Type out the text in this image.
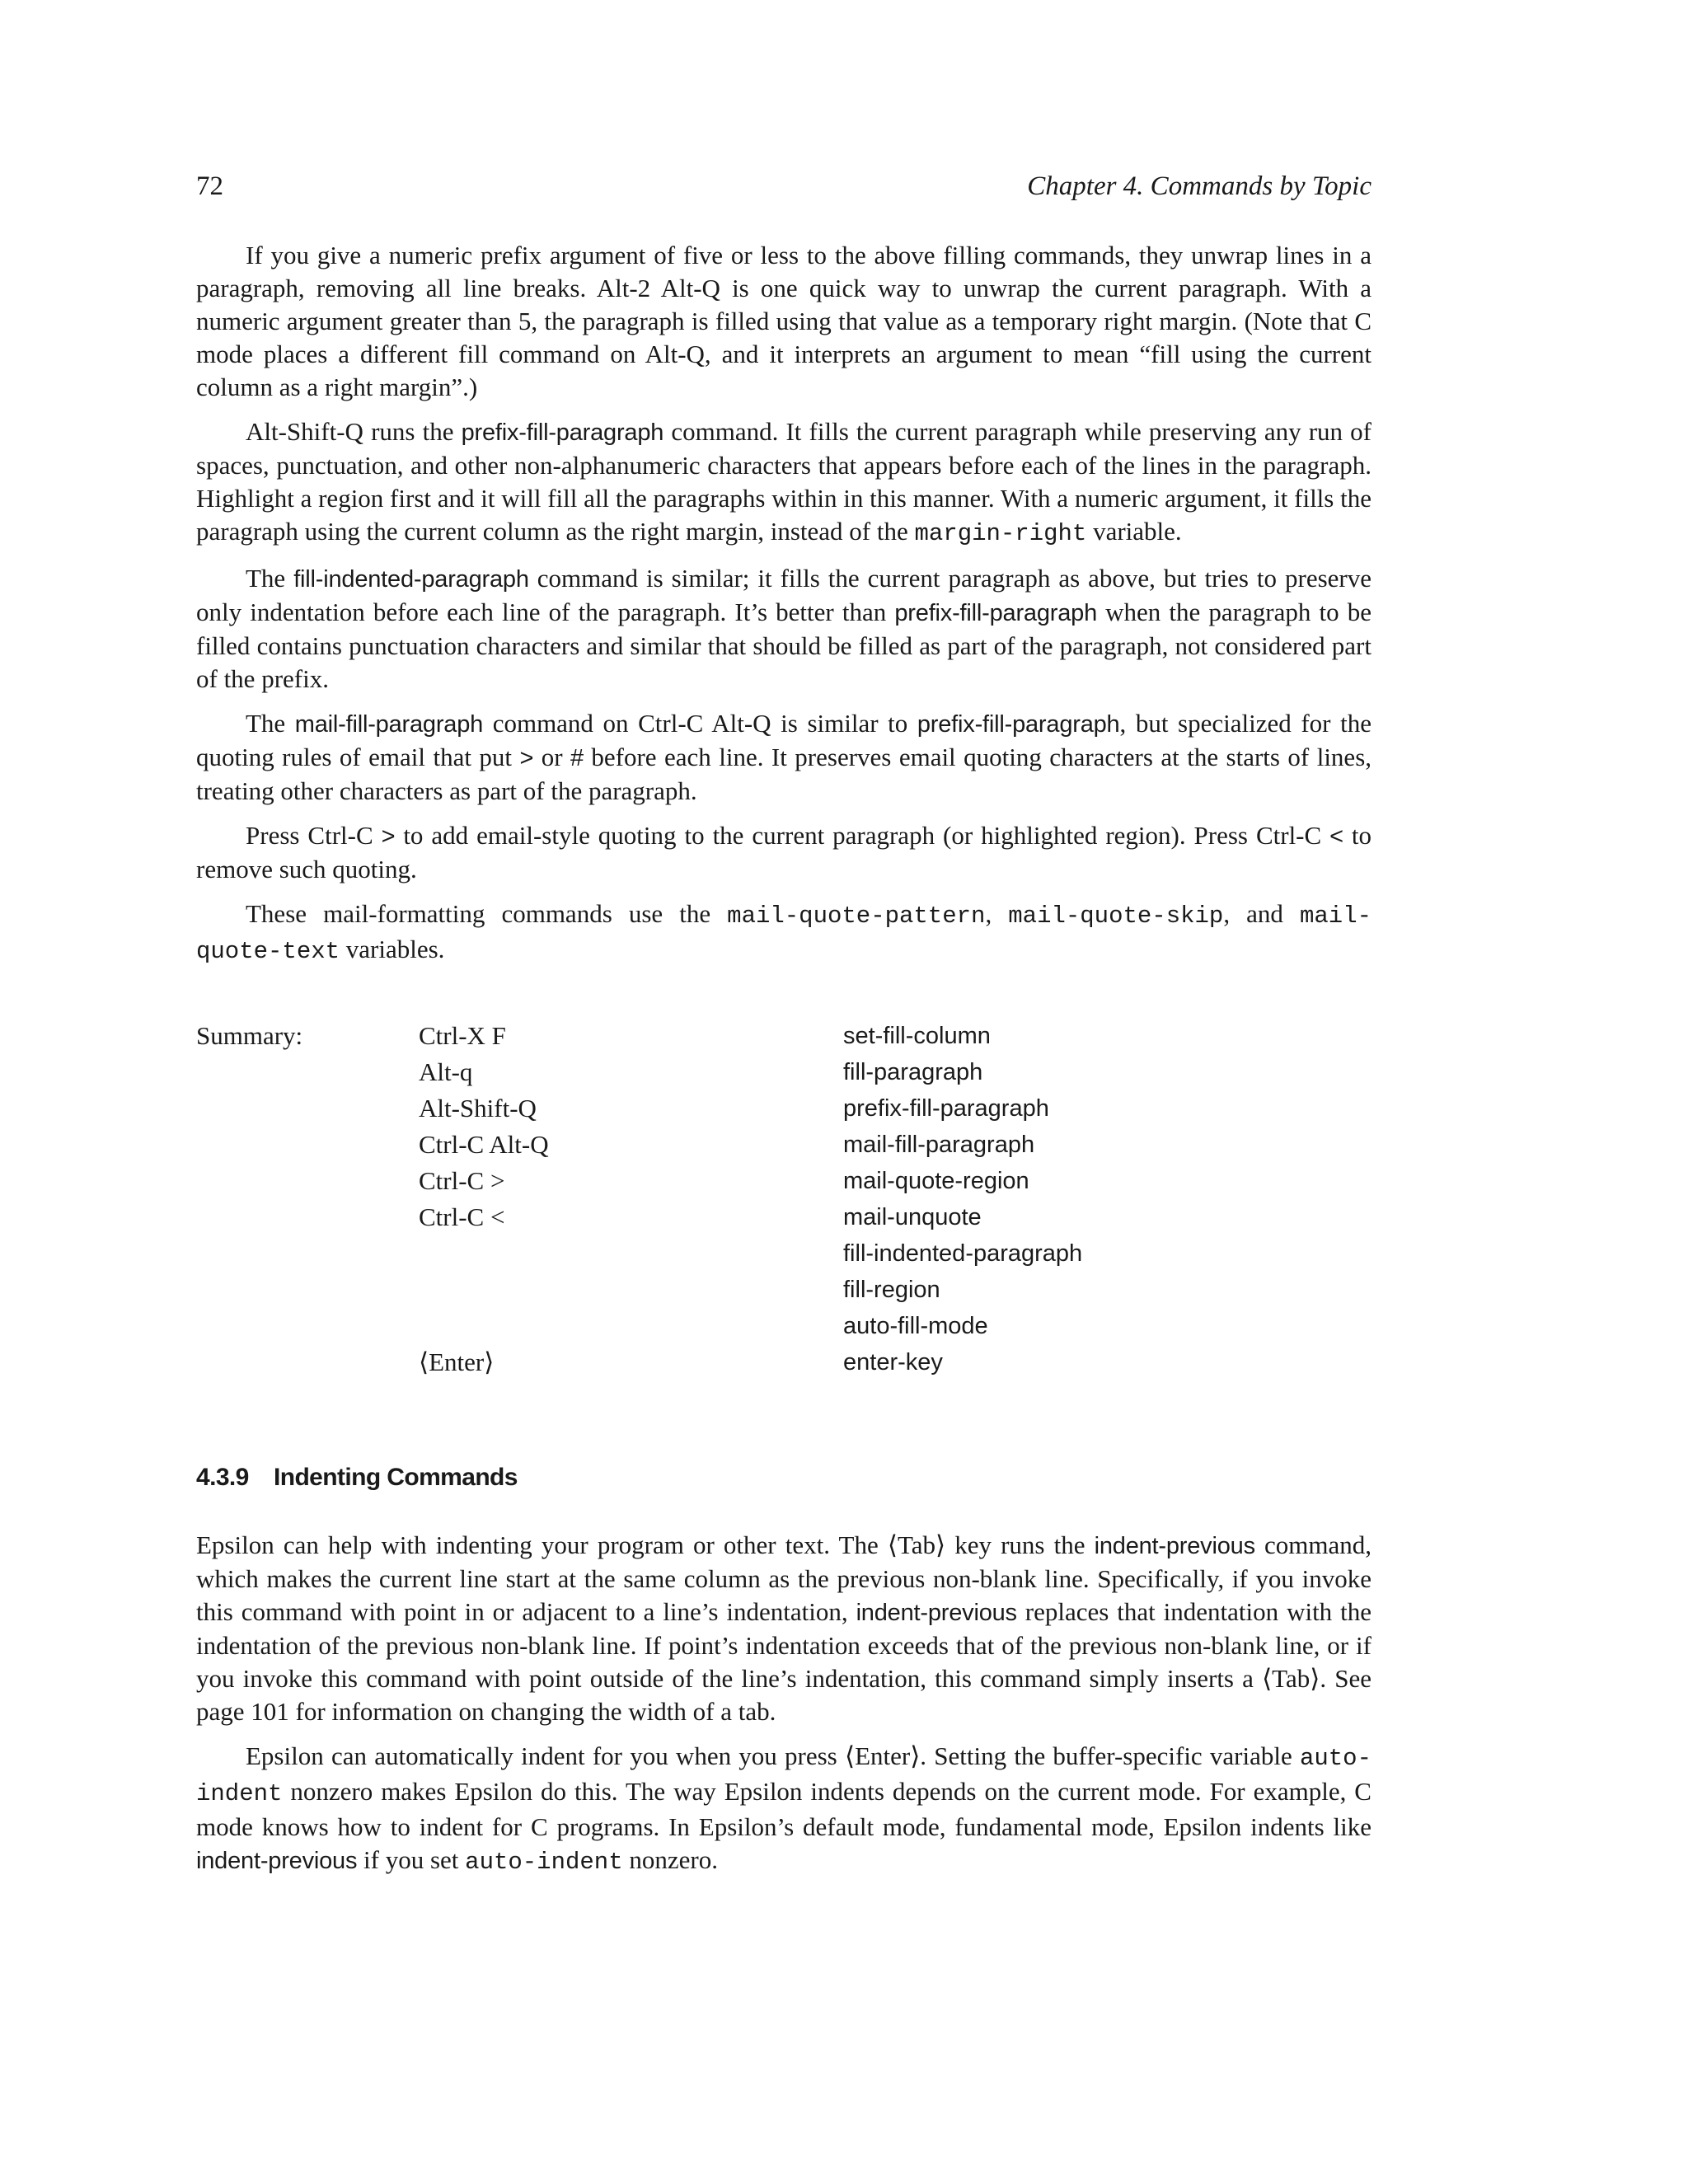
72	Chapter 4. Commands by Topic

If you give a numeric prefix argument of five or less to the above filling commands, they unwrap lines in a paragraph, removing all line breaks. Alt-2 Alt-Q is one quick way to unwrap the current paragraph. With a numeric argument greater than 5, the paragraph is filled using that value as a temporary right margin. (Note that C mode places a different fill command on Alt-Q, and it interprets an argument to mean “fill using the current column as a right margin”.)

Alt-Shift-Q runs the prefix-fill-paragraph command. It fills the current paragraph while preserving any run of spaces, punctuation, and other non-alphanumeric characters that appears before each of the lines in the paragraph. Highlight a region first and it will fill all the paragraphs within in this manner. With a numeric argument, it fills the paragraph using the current column as the right margin, instead of the margin-right variable.

The fill-indented-paragraph command is similar; it fills the current paragraph as above, but tries to preserve only indentation before each line of the paragraph. It’s better than prefix-fill-paragraph when the paragraph to be filled contains punctuation characters and similar that should be filled as part of the paragraph, not considered part of the prefix.

The mail-fill-paragraph command on Ctrl-C Alt-Q is similar to prefix-fill-paragraph, but specialized for the quoting rules of email that put > or # before each line. It preserves email quoting characters at the starts of lines, treating other characters as part of the paragraph.

Press Ctrl-C > to add email-style quoting to the current paragraph (or highlighted region). Press Ctrl-C < to remove such quoting.

These mail-formatting commands use the mail-quote-pattern, mail-quote-skip, and mail-quote-text variables.

Summary:	Ctrl-X F
Alt-q
Alt-Shift-Q
Ctrl-C Alt-Q
Ctrl-C >
Ctrl-C <
⟨Enter⟩
set-fill-column
fill-paragraph
prefix-fill-paragraph
mail-fill-paragraph
mail-quote-region
mail-unquote
fill-indented-paragraph
fill-region
auto-fill-mode
enter-key
4.3.9 Indenting Commands

Epsilon can help with indenting your program or other text. The ⟨Tab⟩ key runs the indent-previous command, which makes the current line start at the same column as the previous non-blank line. Specifically, if you invoke this command with point in or adjacent to a line’s indentation, indent-previous replaces that indentation with the indentation of the previous non-blank line. If point’s indentation exceeds that of the previous non-blank line, or if you invoke this command with point outside of the line’s indentation, this command simply inserts a ⟨Tab⟩. See page 101 for information on changing the width of a tab.

Epsilon can automatically indent for you when you press ⟨Enter⟩. Setting the buffer-specific variable auto-indent nonzero makes Epsilon do this. The way Epsilon indents depends on the current mode. For example, C mode knows how to indent for C programs. In Epsilon’s default mode, fundamental mode, Epsilon indents like indent-previous if you set auto-indent nonzero.
